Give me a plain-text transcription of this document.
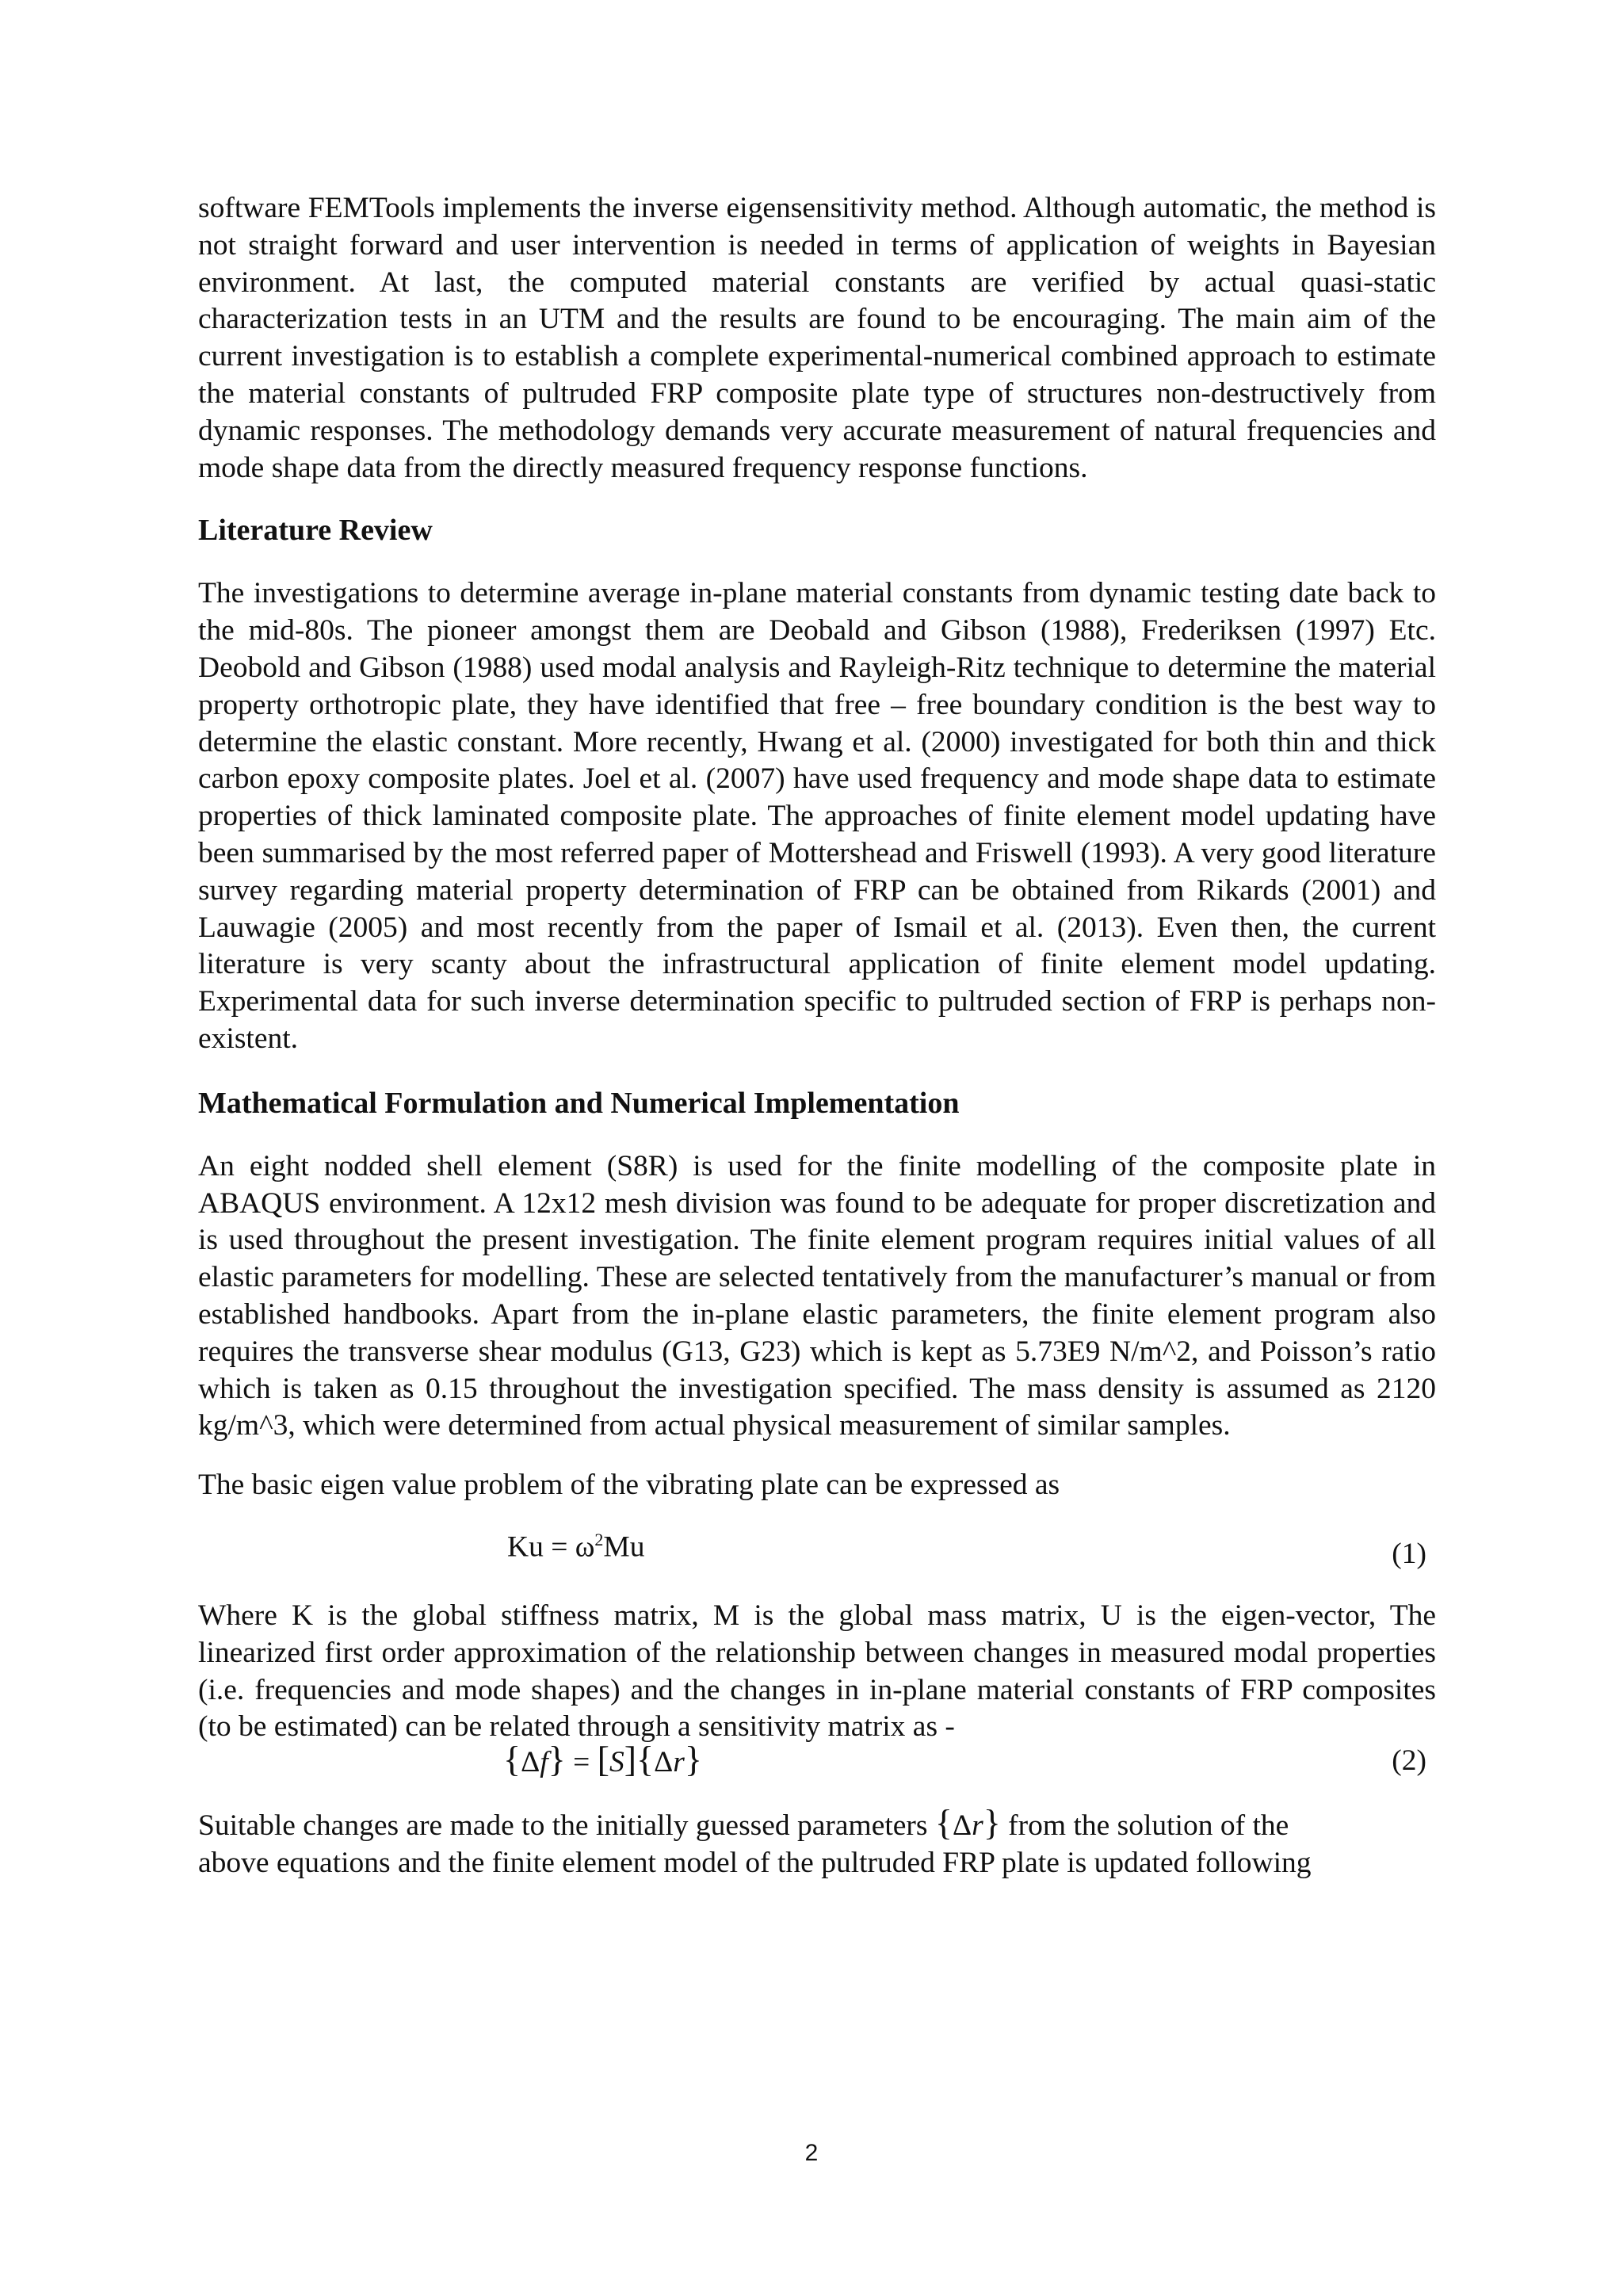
software FEMTools implements the inverse eigensensitivity method. Although automatic, the method is not straight forward and user intervention is needed in terms of application of weights in Bayesian environment. At last, the computed material constants are verified by actual quasi-static characterization tests in an UTM and the results are found to be encouraging. The main aim of the current investigation is to establish a complete experimental-numerical combined approach to estimate the material constants of pultruded FRP composite plate type of structures non-destructively from dynamic responses. The methodology demands very accurate measurement of natural frequencies and mode shape data from the directly measured frequency response functions.

Literature Review

The investigations to determine average in-plane material constants from dynamic testing date back to the mid-80s. The pioneer amongst them are Deobald and Gibson (1988), Frederiksen (1997) Etc. Deobold and Gibson (1988) used modal analysis and Rayleigh-Ritz technique to determine the material property orthotropic plate, they have identified that free – free boundary condition is the best way to determine the elastic constant. More recently, Hwang et al. (2000) investigated for both thin and thick carbon epoxy composite plates. Joel et al. (2007) have used frequency and mode shape data to estimate properties of thick laminated composite plate. The approaches of finite element model updating have been summarised by the most referred paper of Mottershead and Friswell (1993). A very good literature survey regarding material property determination of FRP can be obtained from Rikards (2001) and Lauwagie (2005) and most recently from the paper of Ismail et al. (2013). Even then, the current literature is very scanty about the infrastructural application of finite element model updating. Experimental data for such inverse determination specific to pultruded section of FRP is perhaps non-existent.

Mathematical Formulation and Numerical Implementation

An eight nodded shell element (S8R) is used for the finite modelling of the composite plate in ABAQUS environment. A 12x12 mesh division was found to be adequate for proper discretization and is used throughout the present investigation. The finite element program requires initial values of all elastic parameters for modelling. These are selected tentatively from the manufacturer’s manual or from established handbooks. Apart from the in-plane elastic parameters, the finite element program also requires the transverse shear modulus (G13, G23) which is kept as 5.73E9 N/m^2, and Poisson’s ratio which is taken as 0.15 throughout the investigation specified. The mass density is assumed as 2120 kg/m^3, which were determined from actual physical measurement of similar samples.

The basic eigen value problem of the vibrating plate can be expressed as

$Ku = \omega^2Mu$	(1)

Where K is the global stiffness matrix, M is the global mass matrix, U is the eigen-vector, The linearized first order approximation of the relationship between changes in measured modal properties (i.e. frequencies and mode shapes) and the changes in in-plane material constants of FRP composites (to be estimated) can be related through a sensitivity matrix as -

{Δf} = [S]{Δr}	(2)

Suitable changes are made to the initially guessed parameters {Δr} from the solution of the
above equations and the finite element model of the pultruded FRP plate is updated following

2
